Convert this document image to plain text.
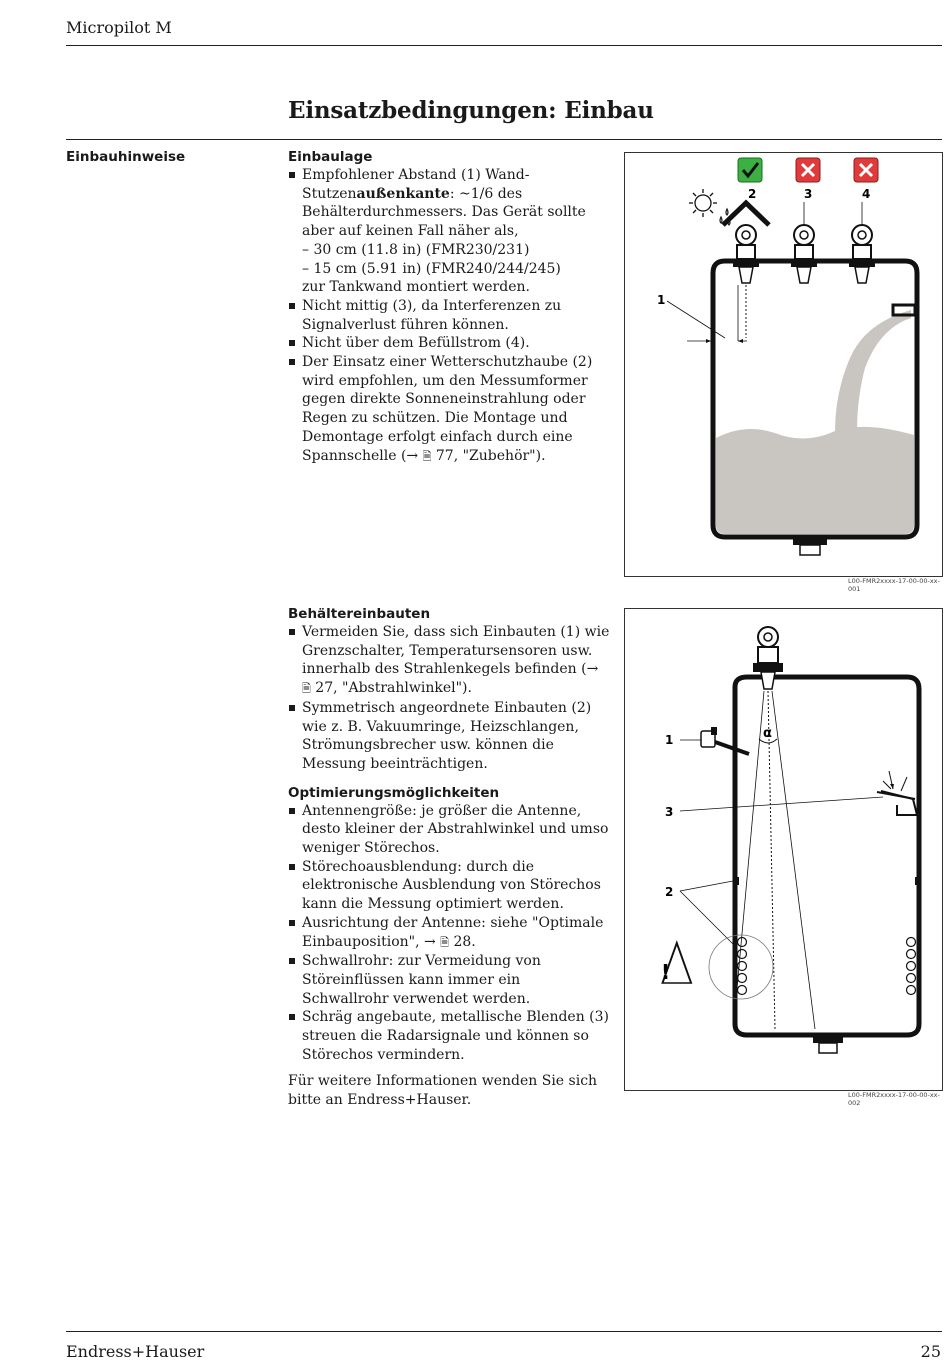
Micropilot M
Einsatzbedingungen: Einbau
Einbauhinweise	Einbaulage
Empfohlener Abstand (1) Wand-Stutzenaußenkante: ~1/6 des Behälterdurchmessers. Das Gerät sollte aber auf keinen Fall näher als,
– 30 cm (11.8 in) (FMR230/231)
– 15 cm (5.91 in) (FMR240/244/245)
zur Tankwand montiert werden.
Nicht mittig (3), da Interferenzen zu Signalverlust führen können.
Nicht über dem Befüllstrom (4).
Der Einsatz einer Wetterschutzhaube (2) wird empfohlen, um den Messumformer gegen direkte Sonneneinstrahlung oder Regen zu schützen. Die Montage und Demontage erfolgt einfach durch eine Spannschelle (→ 🗎 77, "Zubehör").
1
2	3	4
L00-FMR2xxxx-17-00-00-xx-001
Behältereinbauten
Vermeiden Sie, dass sich Einbauten (1) wie Grenzschalter, Temperatursensoren usw. innerhalb des Strahlenkegels befinden (→ 🗎 27, "Abstrahlwinkel").
Symmetrisch angeordnete Einbauten (2) wie z. B. Vakuumringe, Heizschlangen, Strömungsbrecher usw. können die Messung beeinträchtigen.
Optimierungsmöglichkeiten
Antennengröße: je größer die Antenne, desto kleiner der Abstrahlwinkel und umso weniger Störechos.
Störechoausblendung: durch die elektronische Ausblendung von Störechos kann die Messung optimiert werden.
Ausrichtung der Antenne: siehe "Optimale Einbauposition", → 🗎 28.
Schwallrohr: zur Vermeidung von Störeinflüssen kann immer ein Schwallrohr verwendet werden.
Schräg angebaute, metallische Blenden (3) streuen die Radarsignale und können so Störechos vermindern.
Für weitere Informationen wenden Sie sich bitte an Endress+Hauser.
α
1
3
2
!
L00-FMR2xxxx-17-00-00-xx-002
Endress+Hauser	25
